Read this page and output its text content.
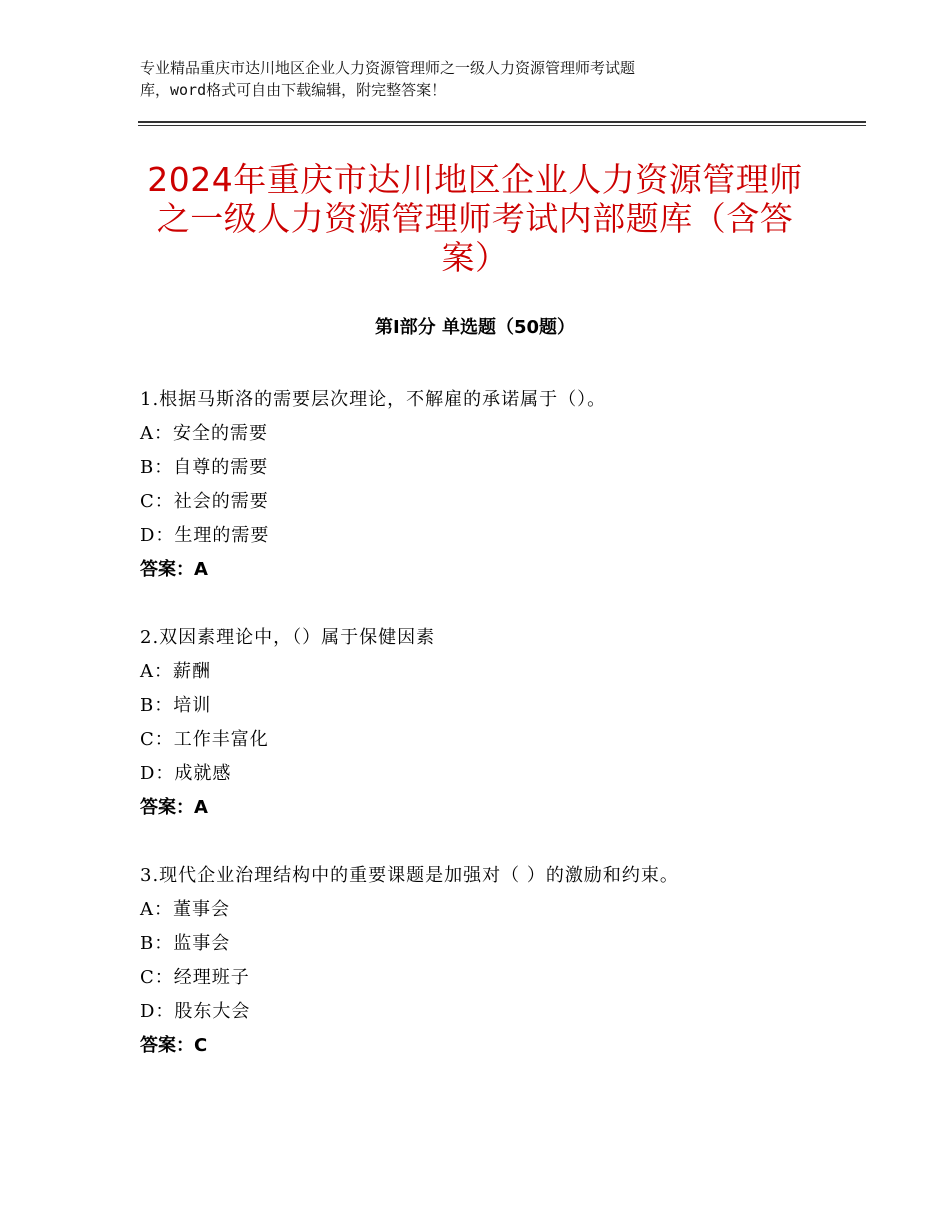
专业精品重庆市达川地区企业人力资源管理师之一级人力资源管理师考试题
库，word格式可自由下载编辑，附完整答案！
2024年重庆市达川地区企业人力资源管理师
之一级人力资源管理师考试内部题库（含答
案）
第Ⅰ部分 单选题（50题）
1.根据马斯洛的需要层次理论，不解雇的承诺属于（）。
A：安全的需要
B：自尊的需要
C：社会的需要
D：生理的需要
答案：A
2.双因素理论中，（）属于保健因素
A：薪酬
B：培训
C：工作丰富化
D：成就感
答案：A
3.现代企业治理结构中的重要课题是加强对（ ）的激励和约束。
A：董事会
B：监事会
C：经理班子
D：股东大会
答案：C
